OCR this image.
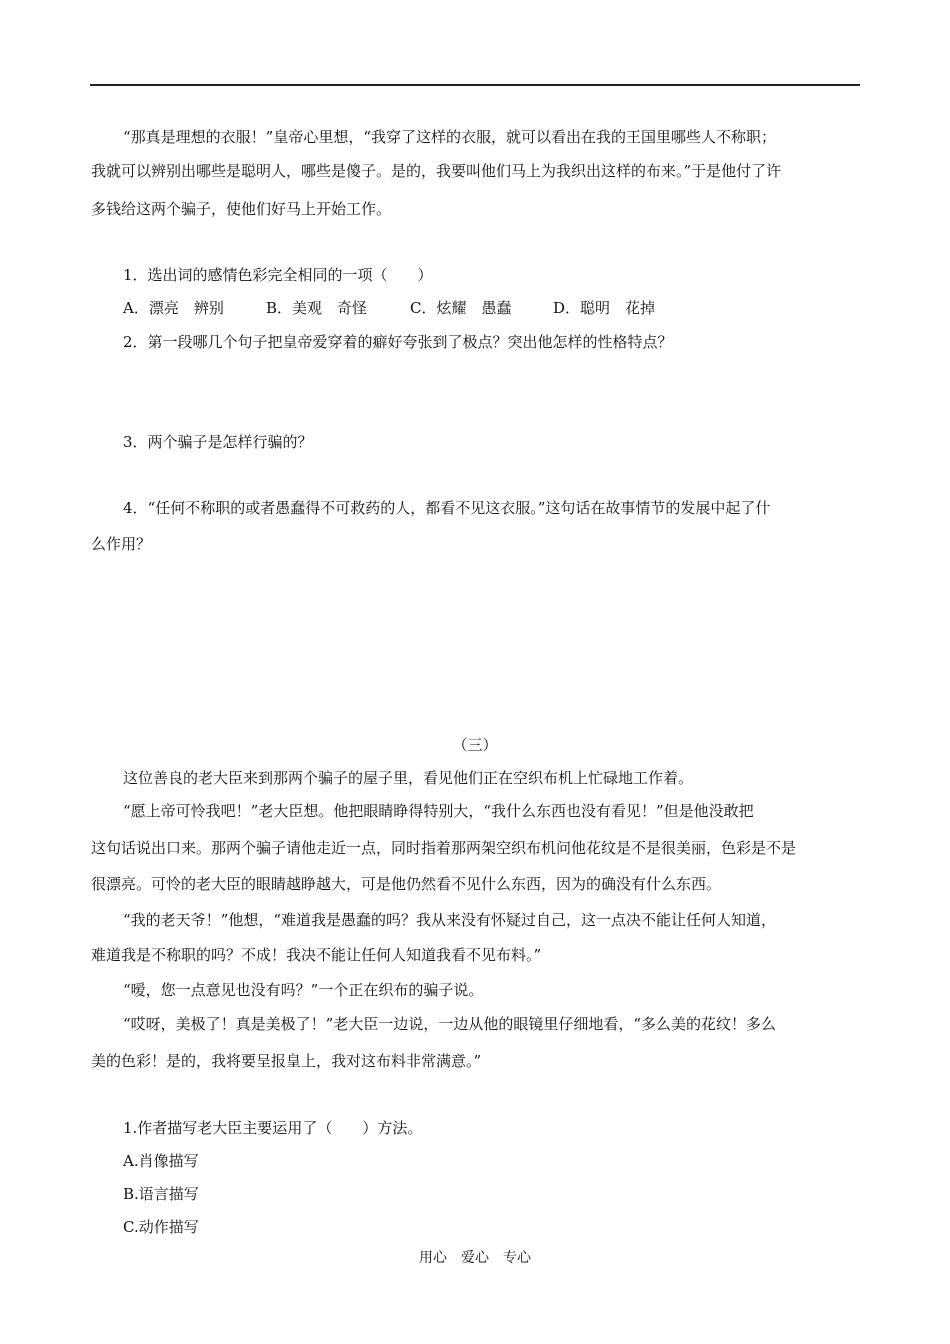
“那真是理想的衣服！”皇帝心里想，“我穿了这样的衣服，就可以看出在我的王国里哪些人不称职；
我就可以辨别出哪些是聪明人，哪些是傻子。是的，我要叫他们马上为我织出这样的布来。”于是他付了许
多钱给这两个骗子，使他们好马上开始工作。
1．选出词的感情色彩完全相同的一项（　　）
A．漂亮　辨别	B．美观　奇怪	C．炫耀　愚蠢	D．聪明　花掉
2．第一段哪几个句子把皇帝爱穿着的癖好夸张到了极点？突出他怎样的性格特点？
3．两个骗子是怎样行骗的？
4．“任何不称职的或者愚蠢得不可救药的人，都看不见这衣服。”这句话在故事情节的发展中起了什
么作用？
（三）
这位善良的老大臣来到那两个骗子的屋子里，看见他们正在空织布机上忙碌地工作着。
“愿上帝可怜我吧！”老大臣想。他把眼睛睁得特别大，“我什么东西也没有看见！”但是他没敢把
这句话说出口来。那两个骗子请他走近一点，同时指着那两架空织布机问他花纹是不是很美丽，色彩是不是
很漂亮。可怜的老大臣的眼睛越睁越大，可是他仍然看不见什么东西，因为的确没有什么东西。
“我的老天爷！”他想，“难道我是愚蠢的吗？我从来没有怀疑过自己，这一点决不能让任何人知道，
难道我是不称职的吗？不成！我决不能让任何人知道我看不见布料。”
“嗳，您一点意见也没有吗？”一个正在织布的骗子说。
“哎呀，美极了！真是美极了！”老大臣一边说，一边从他的眼镜里仔细地看，“多么美的花纹！多么
美的色彩！是的，我将要呈报皇上，我对这布料非常满意。”
1.作者描写老大臣主要运用了（　　）方法。
A.肖像描写
B.语言描写
C.动作描写
用心　爱心　专心
